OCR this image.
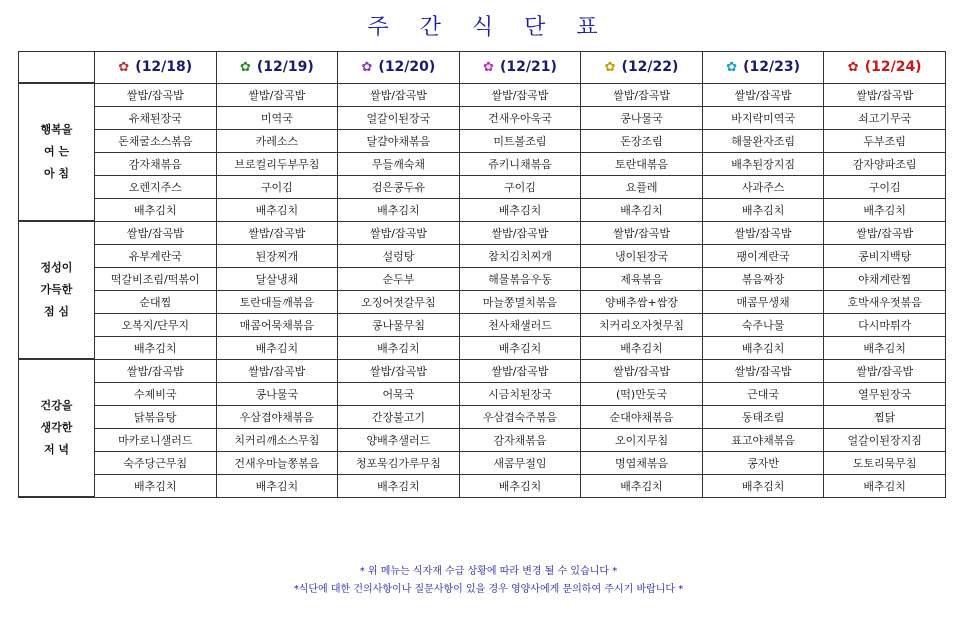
주 간 식 단 표
	✿ (12/18)	✿ (12/19)	✿ (12/20)	✿ (12/21)	✿ (12/22)	✿ (12/23)	✿ (12/24)

행복을
여 는
아 침	쌀밥/잡곡밥	쌀밥/잡곡밥	쌀밥/잡곡밥	쌀밥/잡곡밥	쌀밥/잡곡밥	쌀밥/잡곡밥	쌀밥/잡곡밥
	유채된장국	미역국	얼갈이된장국	건새우아욱국	콩나물국	바지락미역국	쇠고기무국
	돈채굴소스볶음	카레소스	달걀야채볶음	미트볼조림	돈장조림	해물완자조림	두부조림
	감자채볶음	브로컬리두부무침	무들깨숙채	쥬키니채볶음	토란대볶음	배추된장지짐	감자양파조림
	오렌지주스	구이김	검은콩두유	구이김	요플레	사과주스	구이김
	배추김치	배추김치	배추김치	배추김치	배추김치	배추김치	배추김치

정성이
가득한
점 심	쌀밥/잡곡밥	쌀밥/잡곡밥	쌀밥/잡곡밥	쌀밥/잡곡밥	쌀밥/잡곡밥	쌀밥/잡곡밥	쌀밥/잡곡밥
	유부계란국	된장찌개	설렁탕	참치김치찌개	냉이된장국	팽이계란국	콩비지백탕
	떡갈비조림/떡볶이	달살냉채	순두부	해물볶음우동	제육볶음	볶음짜장	야채계란찜
	순대찜	토란대들깨볶음	오징어젓갈무침	마늘쫑멸치볶음	양배추쌈+쌈장	매콤무생채	호박새우젓볶음
	오복지/단무지	매콤어묵채볶음	콩나물무침	천사채샐러드	치커리오자첫무침	숙주나물	다시마튀각
	배추김치	배추김치	배추김치	배추김치	배추김치	배추김치	배추김치

건강을
생각한
저 녁	쌀밥/잡곡밥	쌀밥/잡곡밥	쌀밥/잡곡밥	쌀밥/잡곡밥	쌀밥/잡곡밥	쌀밥/잡곡밥	쌀밥/잡곡밥
	수제비국	콩나물국	어묵국	시금치된장국	(떡)만둣국	근대국	열무된장국
	닭볶음탕	우삼겹야채볶음	간장불고기	우삼겹숙주볶음	순대야채볶음	동태조림	찜닭
	마카로니샐러드	치커리깨소스무침	양배추샐러드	감자채볶음	오이지무침	표고야채볶음	얼갈이된장지짐
	숙주당근무침	건새우마늘쫑볶음	청포묵김가루무침	새콤무절임	명엽채볶음	콩자반	도토리묵무침
	배추김치	배추김치	배추김치	배추김치	배추김치	배추김치	배추김치
* 위 메뉴는 식자재 수급 상황에 따라 변경 될 수 있습니다 *
*식단에 대한 건의사항이나 질문사항이 있을 경우 영양사에게 문의하여 주시기 바랍니다 *
